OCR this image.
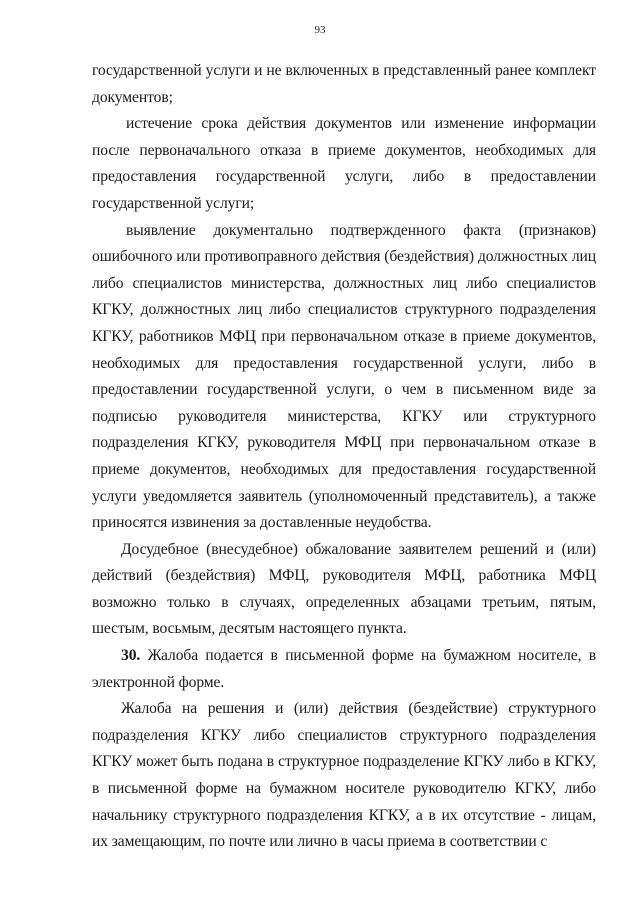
93

государственной услуги и не включенных в представленный ранее комплект документов;

истечение срока действия документов или изменение информации после первоначального отказа в приеме документов, необходимых для предоставления государственной услуги, либо в предоставлении государственной услуги;

выявление документально подтвержденного факта (признаков) ошибочного или противоправного действия (бездействия) должностных лиц либо специалистов министерства, должностных лиц либо специалистов КГКУ, должностных лиц либо специалистов структурного подразделения КГКУ, работников МФЦ при первоначальном отказе в приеме документов, необходимых для предоставления государственной услуги, либо в предоставлении государственной услуги, о чем в письменном виде за подписью руководителя министерства, КГКУ или структурного подразделения КГКУ, руководителя МФЦ при первоначальном отказе в приеме документов, необходимых для предоставления государственной услуги уведомляется заявитель (уполномоченный представитель), а также приносятся извинения за доставленные неудобства.

Досудебное (внесудебное) обжалование заявителем решений и (или) действий (бездействия) МФЦ, руководителя МФЦ, работника МФЦ возможно только в случаях, определенных абзацами третьим, пятым, шестым, восьмым, десятым настоящего пункта.

30. Жалоба подается в письменной форме на бумажном носителе, в электронной форме.

Жалоба на решения и (или) действия (бездействие) структурного подразделения КГКУ либо специалистов структурного подразделения КГКУ может быть подана в структурное подразделение КГКУ либо в КГКУ, в письменной форме на бумажном носителе руководителю КГКУ, либо начальнику структурного подразделения КГКУ, а в их отсутствие - лицам, их замещающим, по почте или лично в часы приема в соответствии с
